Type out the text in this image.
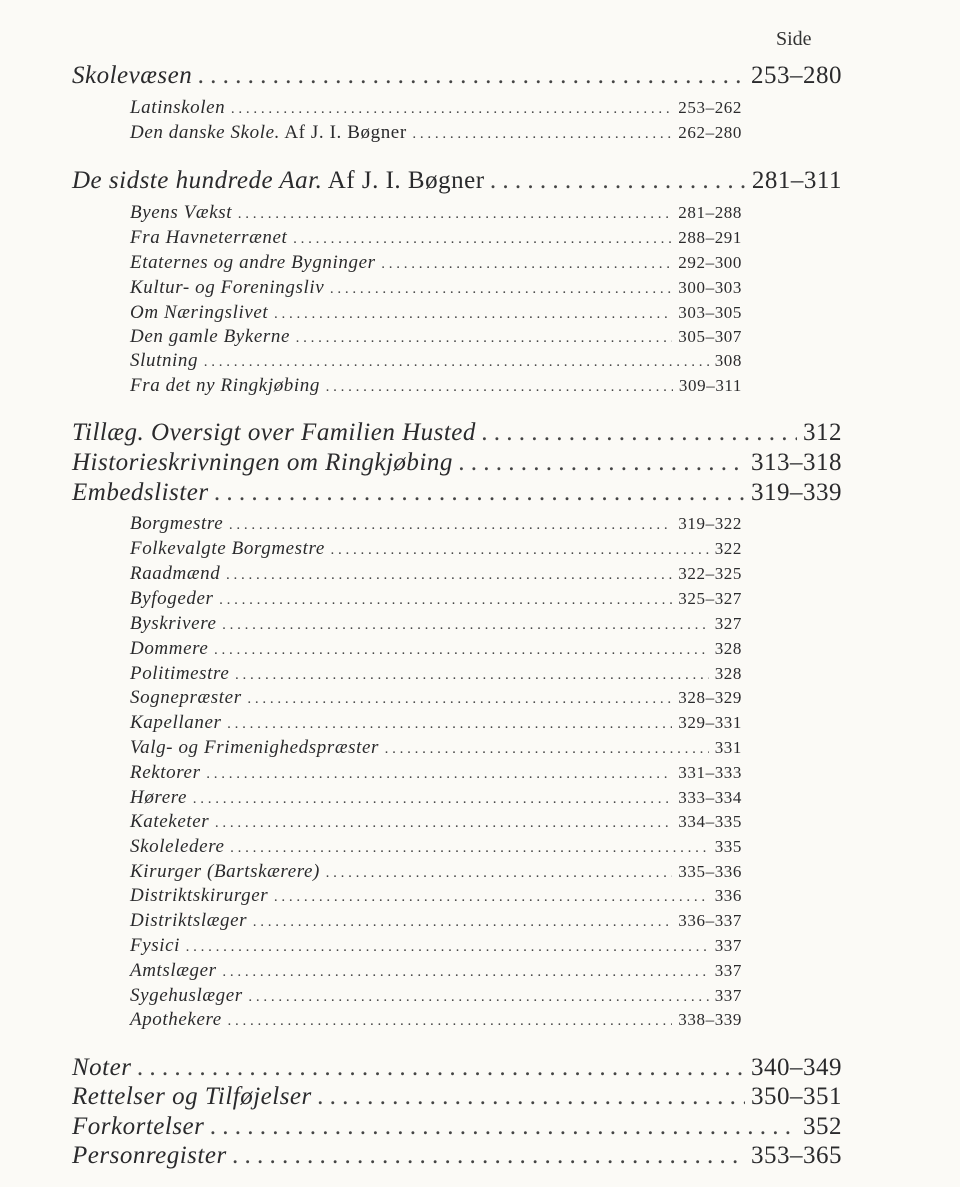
Side
Skolevæsen . . .	253–280
Latinskolen . . .	253–262
Den danske Skole. Af J. I. Bøgner . . .	262–280
De sidste hundrede Aar. Af J. I. Bøgner . . .	281–311
Byens Vækst . . .	281–288
Fra Havneterrænet . . .	288–291
Etaternes og andre Bygninger . . .	292–300
Kultur- og Foreningsliv . . .	300–303
Om Næringslivet . . .	303–305
Den gamle Bykerne . . .	305–307
Slutning . . .	308
Fra det ny Ringkjøbing . . .	309–311
Tillæg. Oversigt over Familien Husted . . .	312
Historieskrivningen om Ringkjøbing . . .	313–318
Embedslister . . .	319–339
Borgmestre . . .	319–322
Folkevalgte Borgmestre . . .	322
Raadmænd . . .	322–325
Byfogeder . . .	325–327
Byskrivere . . .	327
Dommere . . .	328
Politimestre . . .	328
Sognepræster . . .	328–329
Kapellaner . . .	329–331
Valg- og Frimenighedspræster . . .	331
Rektorer . . .	331–333
Hørere . . .	333–334
Kateketer . . .	334–335
Skoleledere . . .	335
Kirurger (Bartskærere) . . .	335–336
Distriktskirurger . . .	336
Distriktslæger . . .	336–337
Fysici . . .	337
Amtslæger . . .	337
Sygehuslæger . . .	337
Apothekere . . .	338–339
Noter . . .	340–349
Rettelser og Tilføjelser . . .	350–351
Forkortelser . . .	352
Personregister . . .	353–365
